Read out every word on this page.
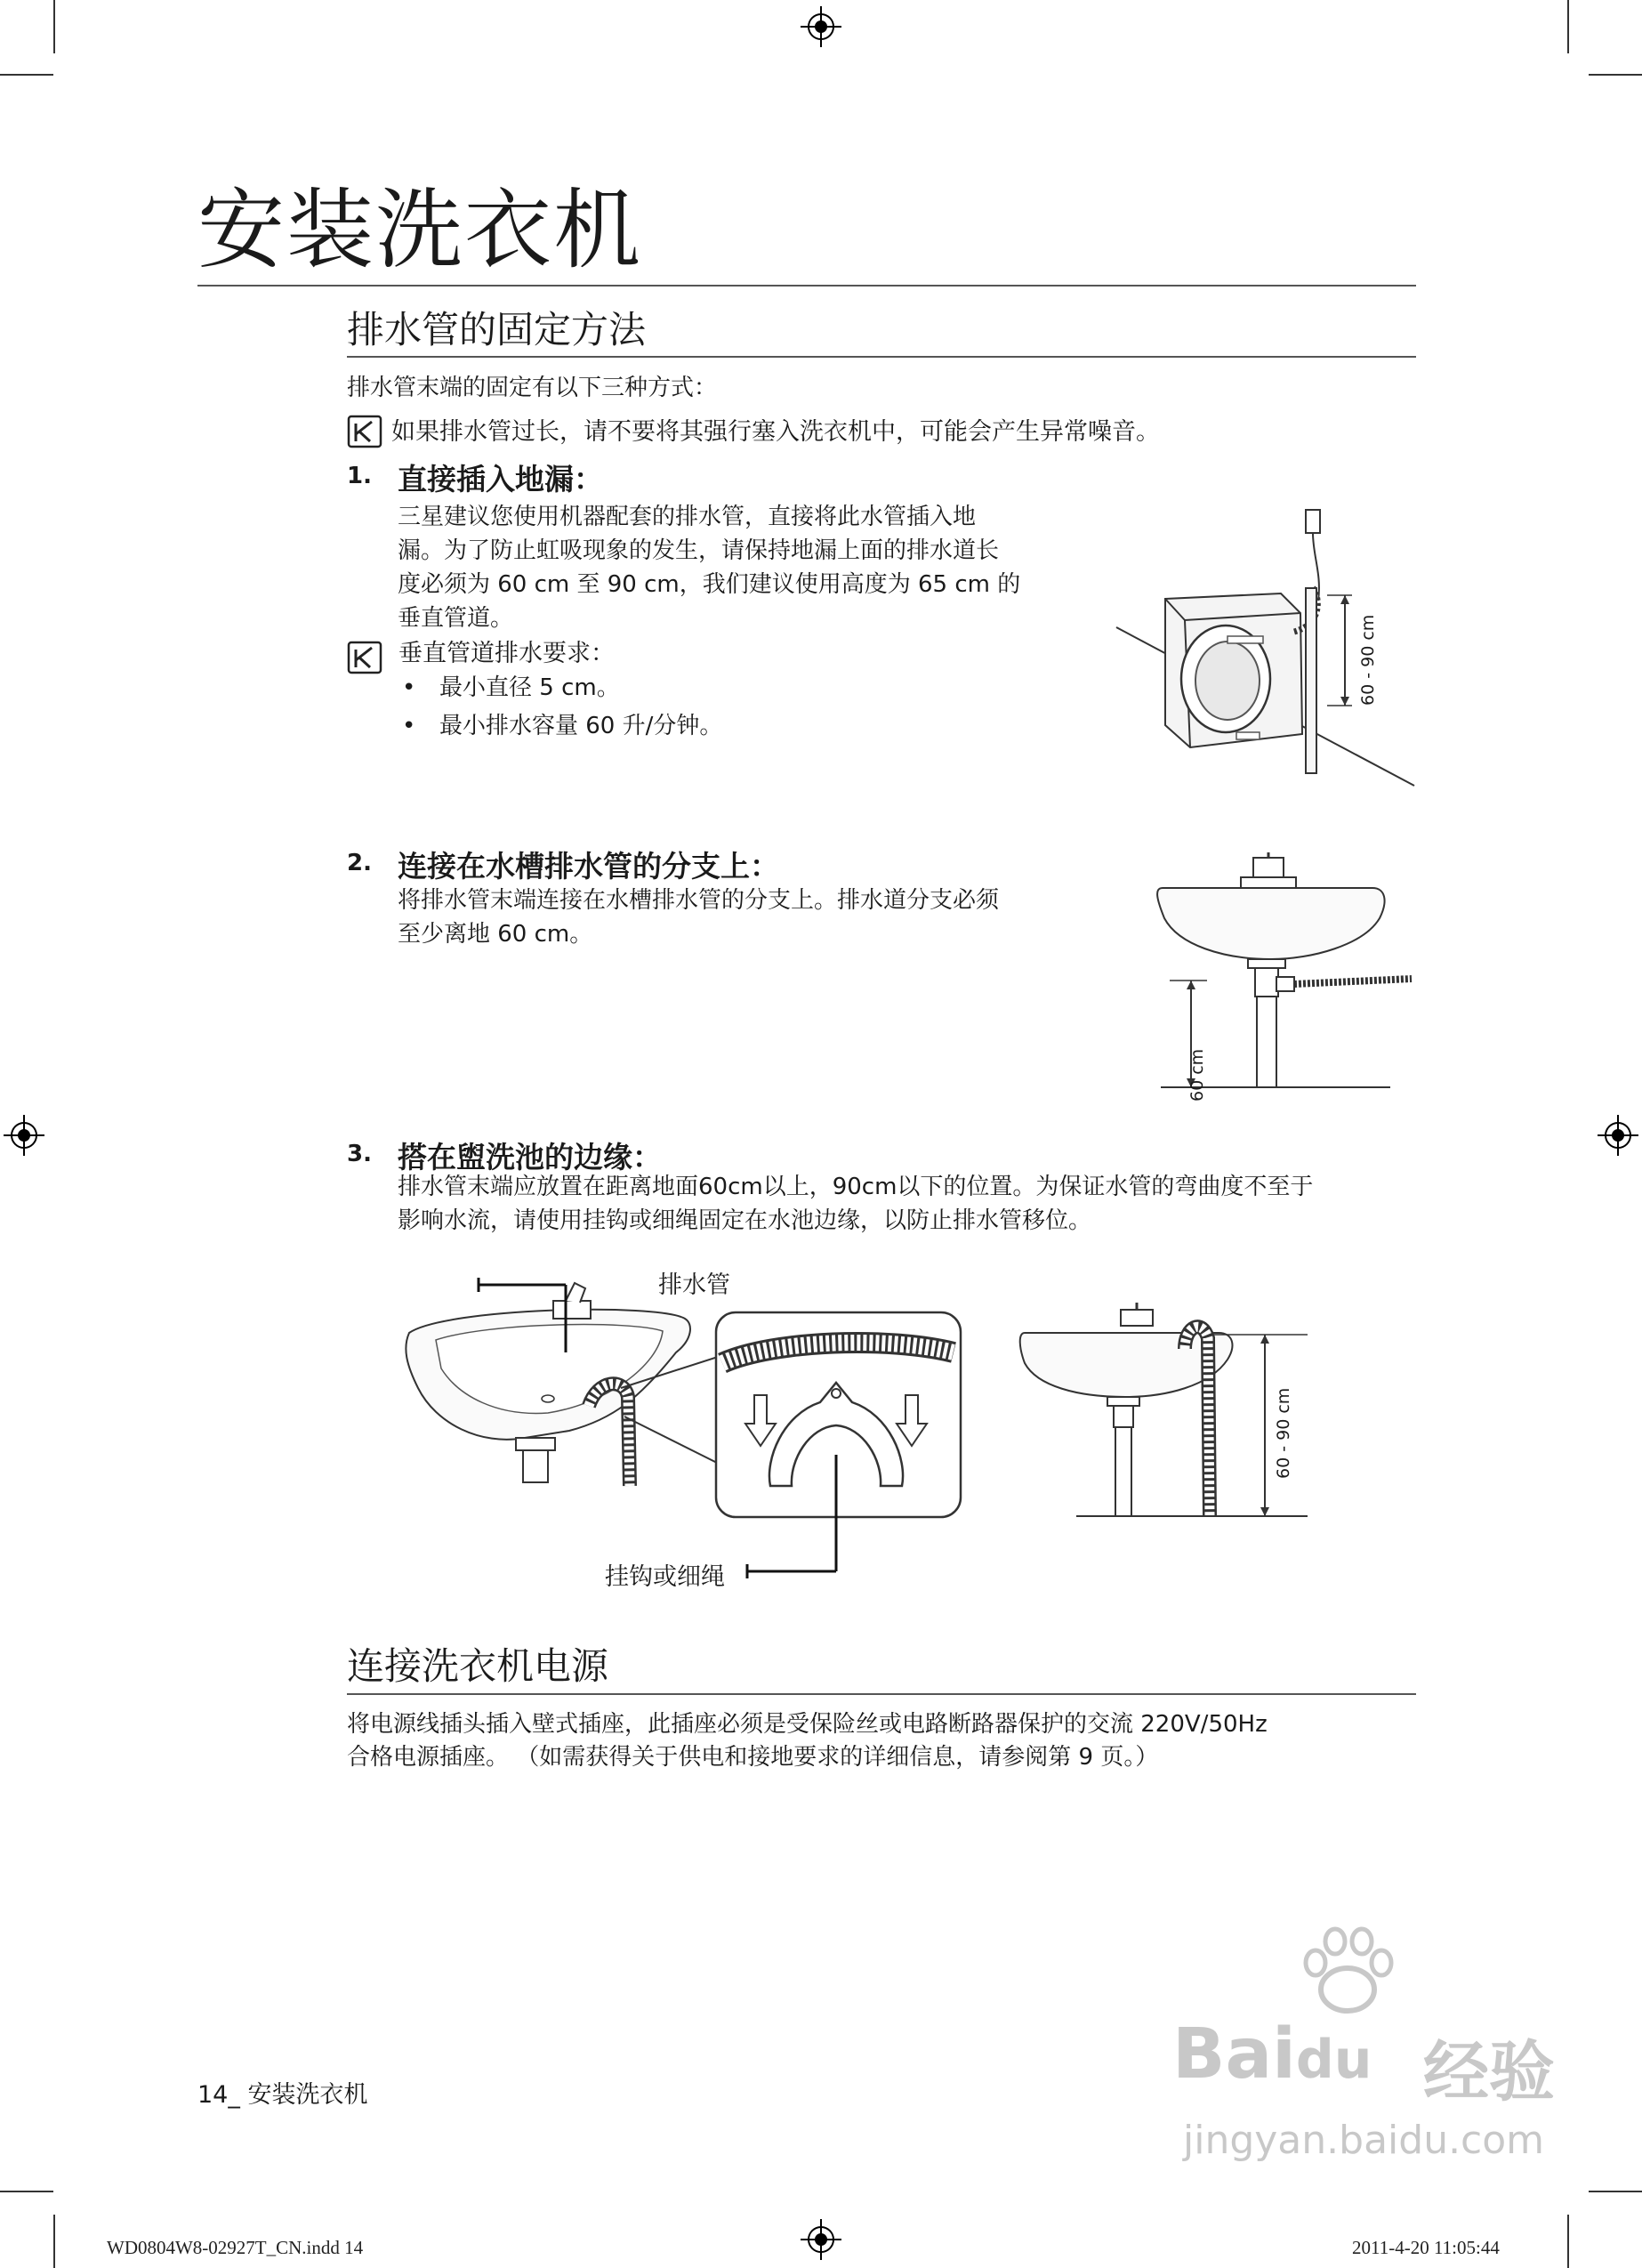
安装洗衣机
排水管的固定方法
排水管末端的固定有以下三种方式：
如果排水管过长，请不要将其强行塞入洗衣机中，可能会产生异常噪音。
1. 直接插入地漏：
三星建议您使用机器配套的排水管，直接将此水管插入地
漏。为了防止虹吸现象的发生，请保持地漏上面的排水道长
度必须为 60 cm 至 90 cm，我们建议使用高度为 65 cm 的
垂直管道。
垂直管道排水要求：
• 最小直径 5 cm。
• 最小排水容量 60 升/分钟。
60 - 90 cm
2. 连接在水槽排水管的分支上：
将排水管末端连接在水槽排水管的分支上。排水道分支必须
至少离地 60 cm。
60 cm
3. 搭在盥洗池的边缘：
排水管末端应放置在距离地面60cm以上，90cm以下的位置。为保证水管的弯曲度不至于
影响水流，请使用挂钩或细绳固定在水池边缘，以防止排水管移位。
排水管
挂钩或细绳
60 - 90 cm
连接洗衣机电源
将电源线插头插入壁式插座，此插座必须是受保险丝或电路断路器保护的交流 220V/50Hz
合格电源插座。 （如需获得关于供电和接地要求的详细信息，请参阅第 9 页。）
14_ 安装洗衣机
WD0804W8-02927T_CN.indd 14	2011-4-20 11:05:44
Baidu 经验
jingyan.baidu.com
